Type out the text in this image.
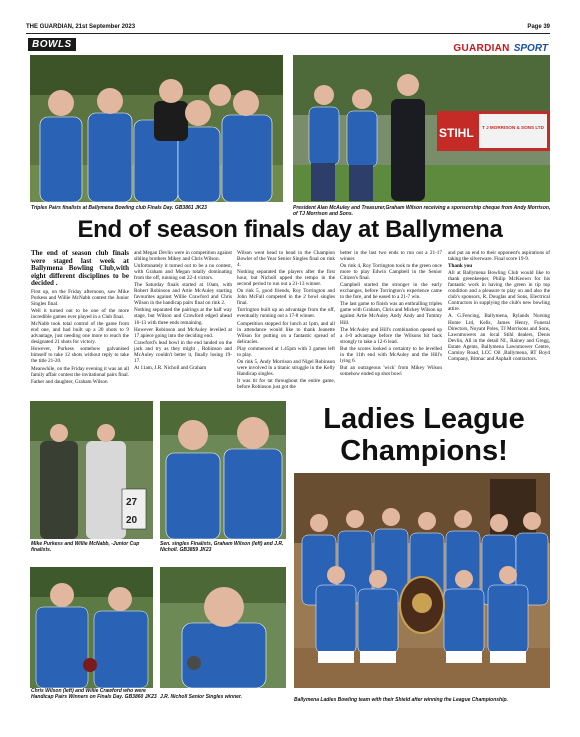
THE GUARDIAN, 21st September 2023	Page 39
BOWLS	GUARDIAN SPORT
Triples Pairs finalists at Ballymena Bowling club Finals Day. GB3861 JK23
STIHL T J MORRISON & SONS LTD
President Alan McAuley and Treasurer,Graham Wilson receiving a sponsorship cheque from Andy Morrison, of TJ Morrison and Sons.
End of season finals day at Ballymena

The end of season club finals were staged last week at Ballymena Bowling Club,with eight different disciplines to be decided .

First up, on the Friday afternoon, saw Mike Purkess and Willie McNabb contest the Junior Singles final.

Well it turned out to be one of the more incredible games ever played in a Club final.

McNabb took total control of the game from end one, and had built up a 20 shots to 9 advantage, just needing one more to reach the designated 21 shots for victory.

However, Purkess somehow galvanised himself to take 12 shots without reply to take the title 21-20.

Meanwhile, on the Friday evening it was an all family affair contest the invitational pairs final.

Father and daughter, Graham Wilson

and Megan Devlin were in competition against sibling brothers Mikey and Chris Wilson.

Unfortunately it turned out to be a no contest, with Graham and Megan totally dominating from the off, running out 22-4 victors.

The Saturday finals started at 10am, with Robert Robinson and Artie McAuley starting favourites against Willie Crawford and Chris Wilson in the handicap pairs final on rink 2.

Nothing separated the pairings at the half way stage, but Wilson and Crawford edged ahead 16-13 with three ends remaining.

However Robinson and McAuley levelled at 17 apiece going into the deciding end.

Crawford's lead bowl in the end landed on the jack and try as they might , Robinson and McAuley couldn't better it, finally losing 19-17.

At 11am, J.R. Nicholl and Graham

Wilson went head to head in the Champion Bowler of the Year Senior Singles final on rink 4.

Nothing separated the players after the first hour, but Nicholl upped the tempo in the second period to run out a 21-13 winner.

On rink 5, good friends, Roy Torrington and John McFall competed in the 2 bowl singles final.

Torrington built up an advantage from the off, eventually running out a 17-8 winner.

Competition stopped for lunch at 1pm, and all in attendance would like to thank Jeanette Wilson for putting on a fantastic spread of delicacies.

Play commenced at 1.45pm with 3 games left to play.

On rink 5, Andy Morrison and Nigel Robinson were involved in a titanic struggle in the Kelly Handicap singles.

It was tit for tat throughout the entire game, before Robinson just got the

better in the last two ends to run out a 21-17 winner.

On rink 4, Roy Torrington took to the green once more to play Edwin Campbell in the Senior Citizen's final.

Campbell started the stronger in the early exchanges, before Torrington's experience came to the fore, and he eased to a 21-7 win.

The last game to finish was an enthralling triples game with Graham, Chris and Mickey Wilson up against Artie McAuley Andy Andy and Tommy Hill.

The McAuley and Hill's combination opened up a 4-0 advantage before the Wilsons hit back strongly to take a 12-6 lead.

But the scores looked a certainty to be levelled in the 11th end with McAuley and the Hill's lying 6.

But an outrageous 'wick' from Mikey Wilson somehow ended up shot bowl

and put an end to their opponent's aspirations of taking the silverware. Final score 19-9.

Thank you

All at Ballymena Bowling Club would like to thank greenkeeper, Philip McKeown for his fantastic work in having the green in tip top condition and a pleasure to play on and also the club's sponsors, R. Douglas and Sons, Electrical Contractors in supplying the club's new bowling attire.

A. G.Fencing, Ballymena, Rylands Nursing Home Ltd, Kells, James Henry, Funeral Directors, Noyant Poles, TJ Morrisons and Sons, Lawnmowers an local Stihl dealers, Denis Devlin, All in the detail NI., Rainey and Gregg, Estate Agents, Ballymena Lawnmower Centre, Carniny Road, LCC Oil ,Ballymena, RT Boyd Company, Bitmac and Asphalt contractors.

27
20
Mike Purkess and Willie McNabb, -Junior Cup finalists.
Sen. singles Finalists, Graham Wilson (left) and J.R. Nicholl. GB3859 JK23
Ladies League Champions!
Chris Wilson (left) and Willie Crawford who were Handicap Pairs Winners on Finals Day. GB3860 JK23 J.R. Nicholl Senior Singles winner.	Ballymena Ladies Bowling team with their Shield after winning the League Championship.
